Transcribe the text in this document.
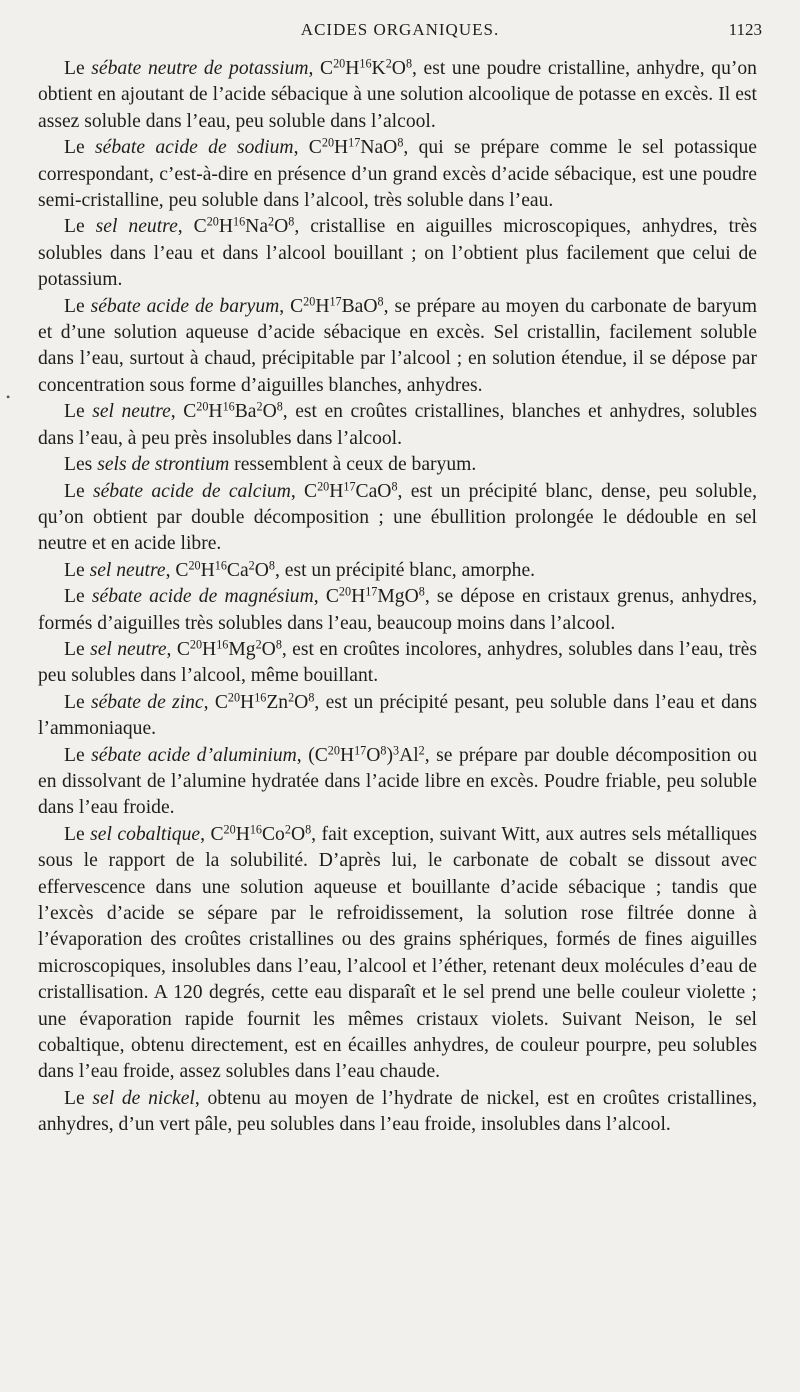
ACIDES ORGANIQUES.	1123
•

Le sébate neutre de potassium, $C^{20}H^{16}K^2O^8$, est une poudre cristalline, anhydre, qu’on obtient en ajoutant de l’acide sébacique à une solution alcoolique de potasse en excès. Il est assez soluble dans l’eau, peu soluble dans l’alcool.

Le sébate acide de sodium, $C^{20}H^{17}NaO^8$, qui se prépare comme le sel potassique correspondant, c’est-à-dire en présence d’un grand excès d’acide sébacique, est une poudre semi-cristalline, peu soluble dans l’alcool, très soluble dans l’eau.

Le sel neutre, $C^{20}H^{16}Na^2O^8$, cristallise en aiguilles microscopiques, anhydres, très solubles dans l’eau et dans l’alcool bouillant ; on l’obtient plus facilement que celui de potassium.

Le sébate acide de baryum, $C^{20}H^{17}BaO^8$, se prépare au moyen du carbonate de baryum et d’une solution aqueuse d’acide sébacique en excès. Sel cristallin, facilement soluble dans l’eau, surtout à chaud, précipitable par l’alcool ; en solution étendue, il se dépose par concentration sous forme d’aiguilles blanches, anhydres.

Le sel neutre, $C^{20}H^{16}Ba^2O^8$, est en croûtes cristallines, blanches et anhydres, solubles dans l’eau, à peu près insolubles dans l’alcool.

Les sels de strontium ressemblent à ceux de baryum.

Le sébate acide de calcium, $C^{20}H^{17}CaO^8$, est un précipité blanc, dense, peu soluble, qu’on obtient par double décomposition ; une ébullition prolongée le dédouble en sel neutre et en acide libre.

Le sel neutre, $C^{20}H^{16}Ca^2O^8$, est un précipité blanc, amorphe.

Le sébate acide de magnésium, $C^{20}H^{17}MgO^8$, se dépose en cristaux grenus, anhydres, formés d’aiguilles très solubles dans l’eau, beaucoup moins dans l’alcool.

Le sel neutre, $C^{20}H^{16}Mg^2O^8$, est en croûtes incolores, anhydres, solubles dans l’eau, très peu solubles dans l’alcool, même bouillant.

Le sébate de zinc, $C^{20}H^{16}Zn^2O^8$, est un précipité pesant, peu soluble dans l’eau et dans l’ammoniaque.

Le sébate acide d’aluminium, $(C^{20}H^{17}O^8)^3Al^2$, se prépare par double décomposition ou en dissolvant de l’alumine hydratée dans l’acide libre en excès. Poudre friable, peu soluble dans l’eau froide.

Le sel cobaltique, $C^{20}H^{16}Co^2O^8$, fait exception, suivant Witt, aux autres sels métalliques sous le rapport de la solubilité. D’après lui, le carbonate de cobalt se dissout avec effervescence dans une solution aqueuse et bouillante d’acide sébacique ; tandis que l’excès d’acide se sépare par le refroidissement, la solution rose filtrée donne à l’évaporation des croûtes cristallines ou des grains sphériques, formés de fines aiguilles microscopiques, insolubles dans l’eau, l’alcool et l’éther, retenant deux molécules d’eau de cristallisation. A 120 degrés, cette eau disparaît et le sel prend une belle couleur violette ; une évaporation rapide fournit les mêmes cristaux violets. Suivant Neison, le sel cobaltique, obtenu directement, est en écailles anhydres, de couleur pourpre, peu solubles dans l’eau froide, assez solubles dans l’eau chaude.

Le sel de nickel, obtenu au moyen de l’hydrate de nickel, est en croûtes cristallines, anhydres, d’un vert pâle, peu solubles dans l’eau froide, insolubles dans l’alcool.
